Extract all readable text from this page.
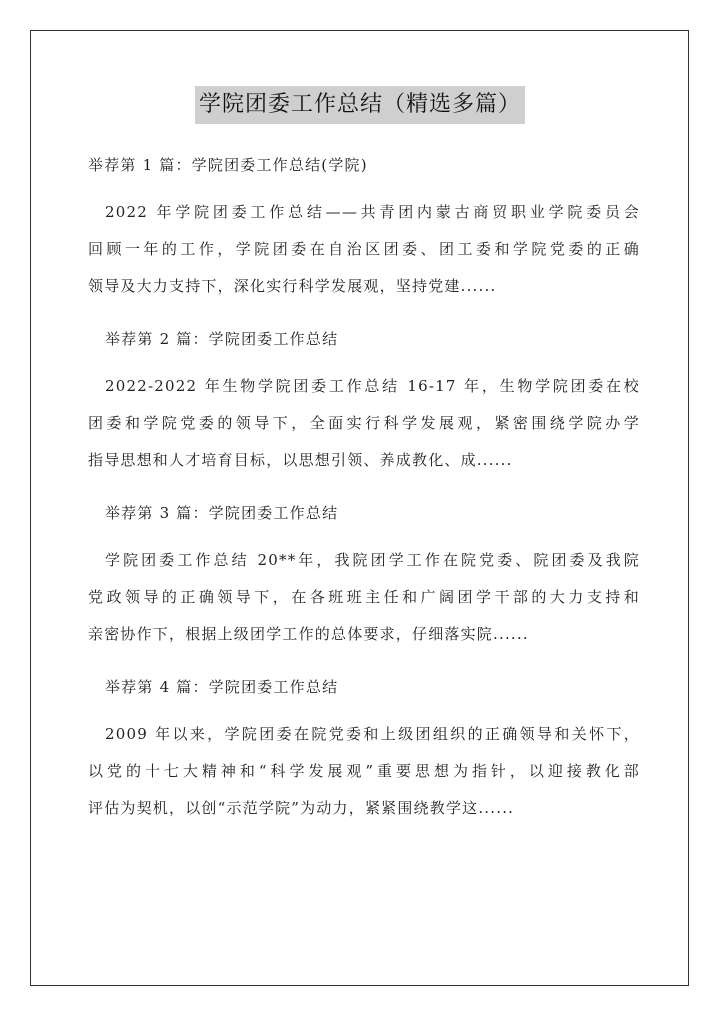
学院团委工作总结（精选多篇）
举荐第 1 篇：学院团委工作总结(学院)
2022 年学院团委工作总结——共青团内蒙古商贸职业学院委员会
回顾一年的工作，学院团委在自治区团委、团工委和学院党委的正确
领导及大力支持下，深化实行科学发展观，坚持党建......
举荐第 2 篇：学院团委工作总结
2022-2022 年生物学院团委工作总结 16-17 年，生物学院团委在校
团委和学院党委的领导下，全面实行科学发展观，紧密围绕学院办学
指导思想和人才培育目标，以思想引领、养成教化、成......
举荐第 3 篇：学院团委工作总结
学院团委工作总结 20**年，我院团学工作在院党委、院团委及我院
党政领导的正确领导下，在各班班主任和广阔团学干部的大力支持和
亲密协作下，根据上级团学工作的总体要求，仔细落实院......
举荐第 4 篇：学院团委工作总结
2009 年以来，学院团委在院党委和上级团组织的正确领导和关怀下，
以党的十七大精神和“科学发展观”重要思想为指针，以迎接教化部
评估为契机，以创“示范学院”为动力，紧紧围绕教学这......
